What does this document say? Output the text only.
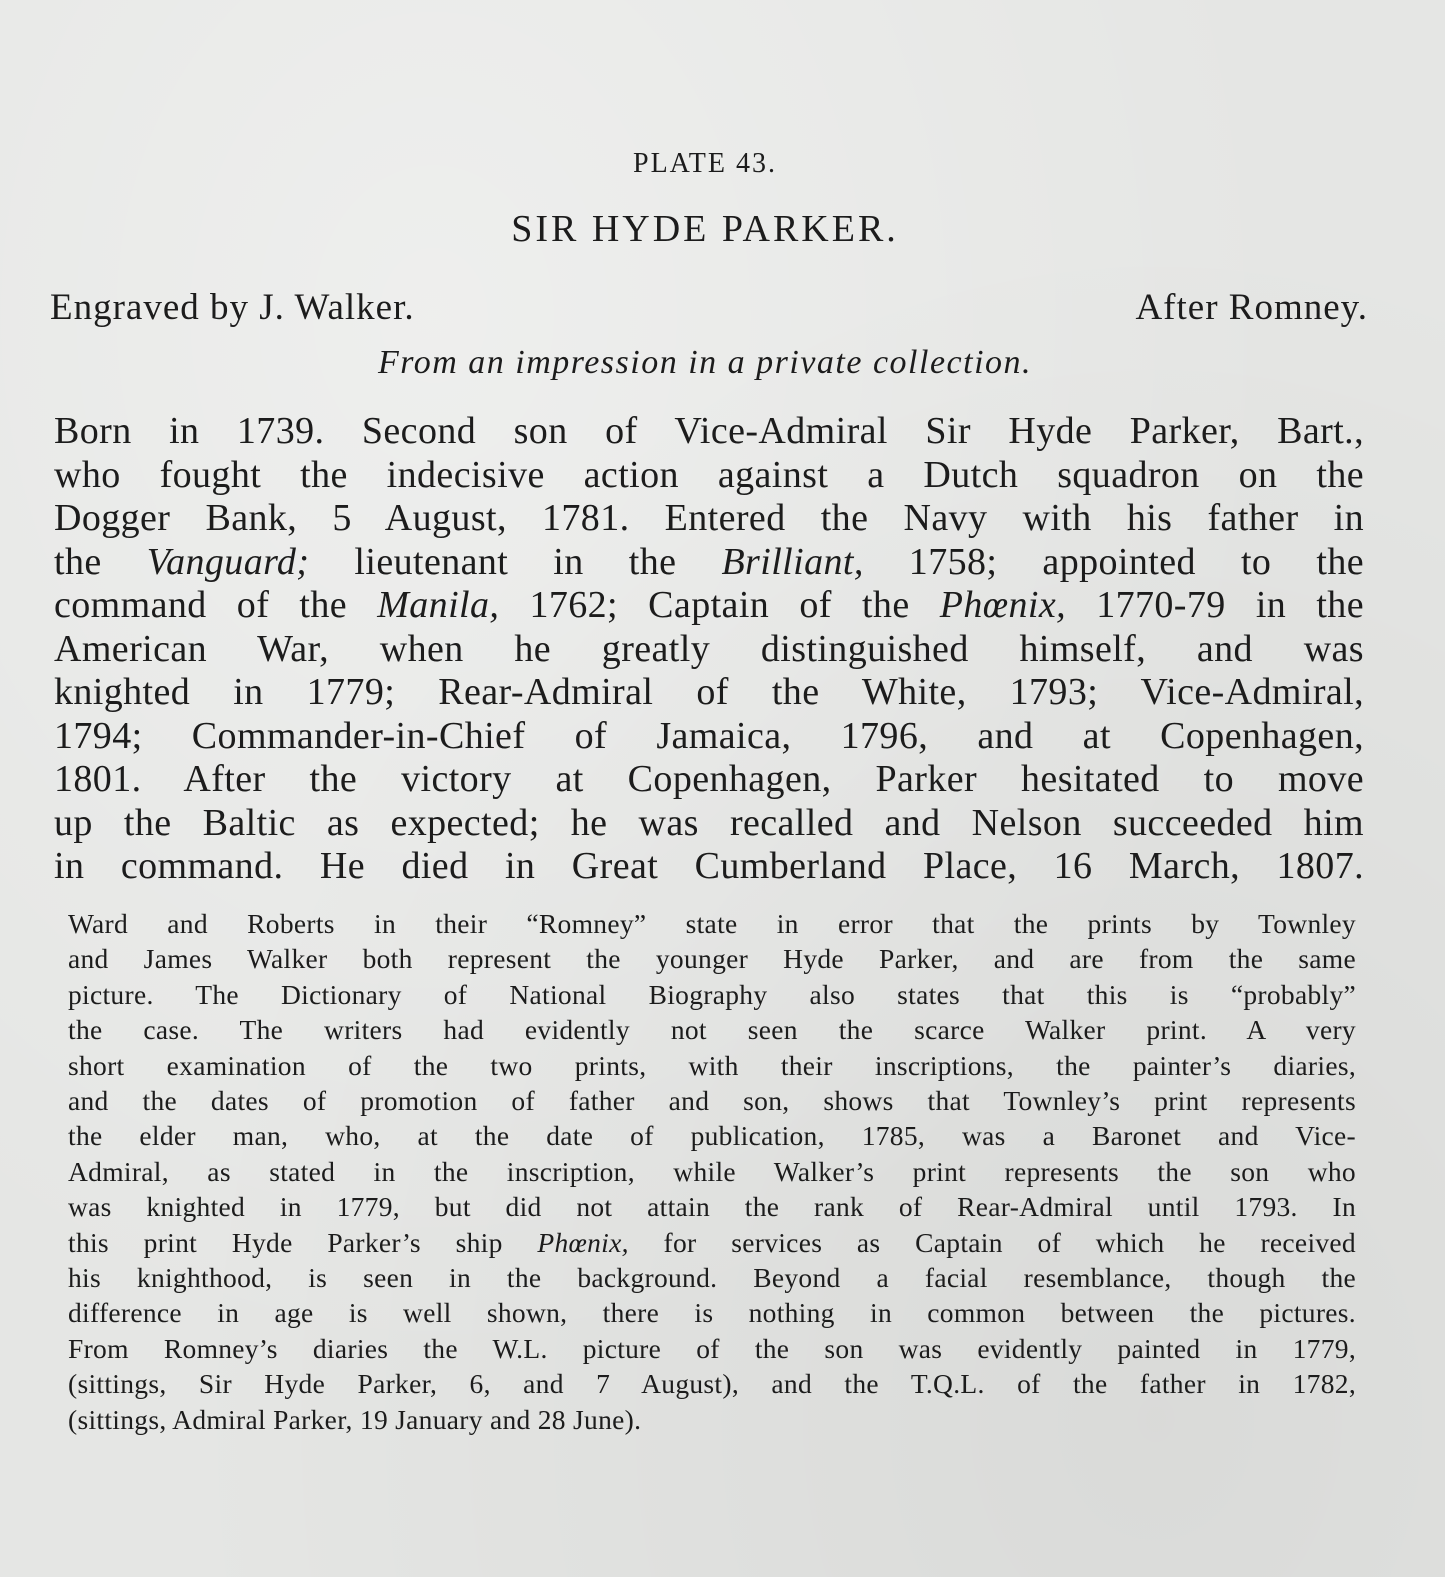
PLATE 43.
SIR HYDE PARKER.
Engraved by J. Walker.	After Romney.
From an impression in a private collection.
Born in 1739. Second son of Vice-Admiral Sir Hyde Parker, Bart.,
who fought the indecisive action against a Dutch squadron on the
Dogger Bank, 5 August, 1781. Entered the Navy with his father in
the Vanguard; lieutenant in the Brilliant, 1758; appointed to the
command of the Manila, 1762; Captain of the Phœnix, 1770-79 in the
American War, when he greatly distinguished himself, and was
knighted in 1779; Rear-Admiral of the White, 1793; Vice-Admiral,
1794; Commander-in-Chief of Jamaica, 1796, and at Copenhagen,
1801. After the victory at Copenhagen, Parker hesitated to move
up the Baltic as expected; he was recalled and Nelson succeeded him
in command. He died in Great Cumberland Place, 16 March, 1807.
Ward and Roberts in their “Romney” state in error that the prints by Townley
and James Walker both represent the younger Hyde Parker, and are from the same
picture. The Dictionary of National Biography also states that this is “probably”
the case. The writers had evidently not seen the scarce Walker print. A very
short examination of the two prints, with their inscriptions, the painter’s diaries,
and the dates of promotion of father and son, shows that Townley’s print represents
the elder man, who, at the date of publication, 1785, was a Baronet and Vice-
Admiral, as stated in the inscription, while Walker’s print represents the son who
was knighted in 1779, but did not attain the rank of Rear-Admiral until 1793. In
this print Hyde Parker’s ship Phœnix, for services as Captain of which he received
his knighthood, is seen in the background. Beyond a facial resemblance, though the
difference in age is well shown, there is nothing in common between the pictures.
From Romney’s diaries the W.L. picture of the son was evidently painted in 1779,
(sittings, Sir Hyde Parker, 6, and 7 August), and the T.Q.L. of the father in 1782,
(sittings, Admiral Parker, 19 January and 28 June).
